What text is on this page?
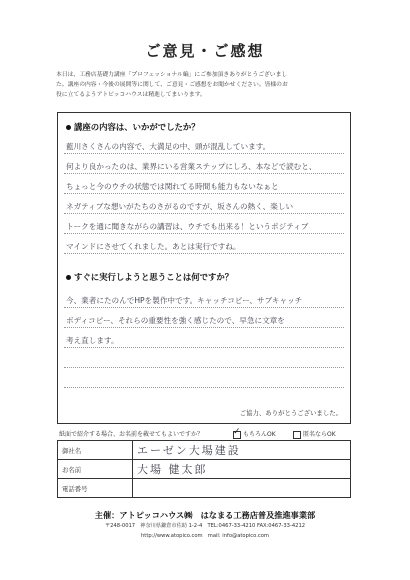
ご意見・ご感想
本日は、工務店基礎力講座「プロフェッショナル編」にご参加頂きありがとうございまし
た。講座の内容・今後の展開等に関して、ご意見・ご感想をお聞かせください。皆様のお
役に立てるようアトピッコハウスは精進してまいります。
講座の内容は、いかがでしたか？
藍川さくさんの内容で、大満足の中、頭が混乱しています。
何より良かったのは、業界にいる営業ステップにしろ、本などで読むと、
ちょっと今のウチの状態では関れてる時間も能力もないなぁと
ネガティブな想いがたちのさがるのですが、坂さんの熱く、楽しい
トークを通に聞きながらの講習は、ウチでも出来る！というポジティブ
マインドにさせてくれました。あとは実行ですね。
すぐに実行しようと思うことは何ですか？
今、業者にたのんでHPを製作中です。キャッチコピー、サブキャッチ
ボディコピー、それらの重要性を強く感じたので、早急に文章を
考え直します。
ご協力、ありがとうございました。
紙面で紹介する場合、お名前を載せてもよいですか？ ✓	もちろんOK	匿名ならOK
御社名	エーゼン大場建設
お名前	大場 健太郎
電話番号	
主催：アトピッコハウス㈱　はなまる工務店普及推進事業部
〒248-0017　神奈川県鎌倉市佐助 1-2-4　TEL:0467-33-4210 FAX:0467-33-4212
http://www.atopico.com　mail: info@atopico.com
